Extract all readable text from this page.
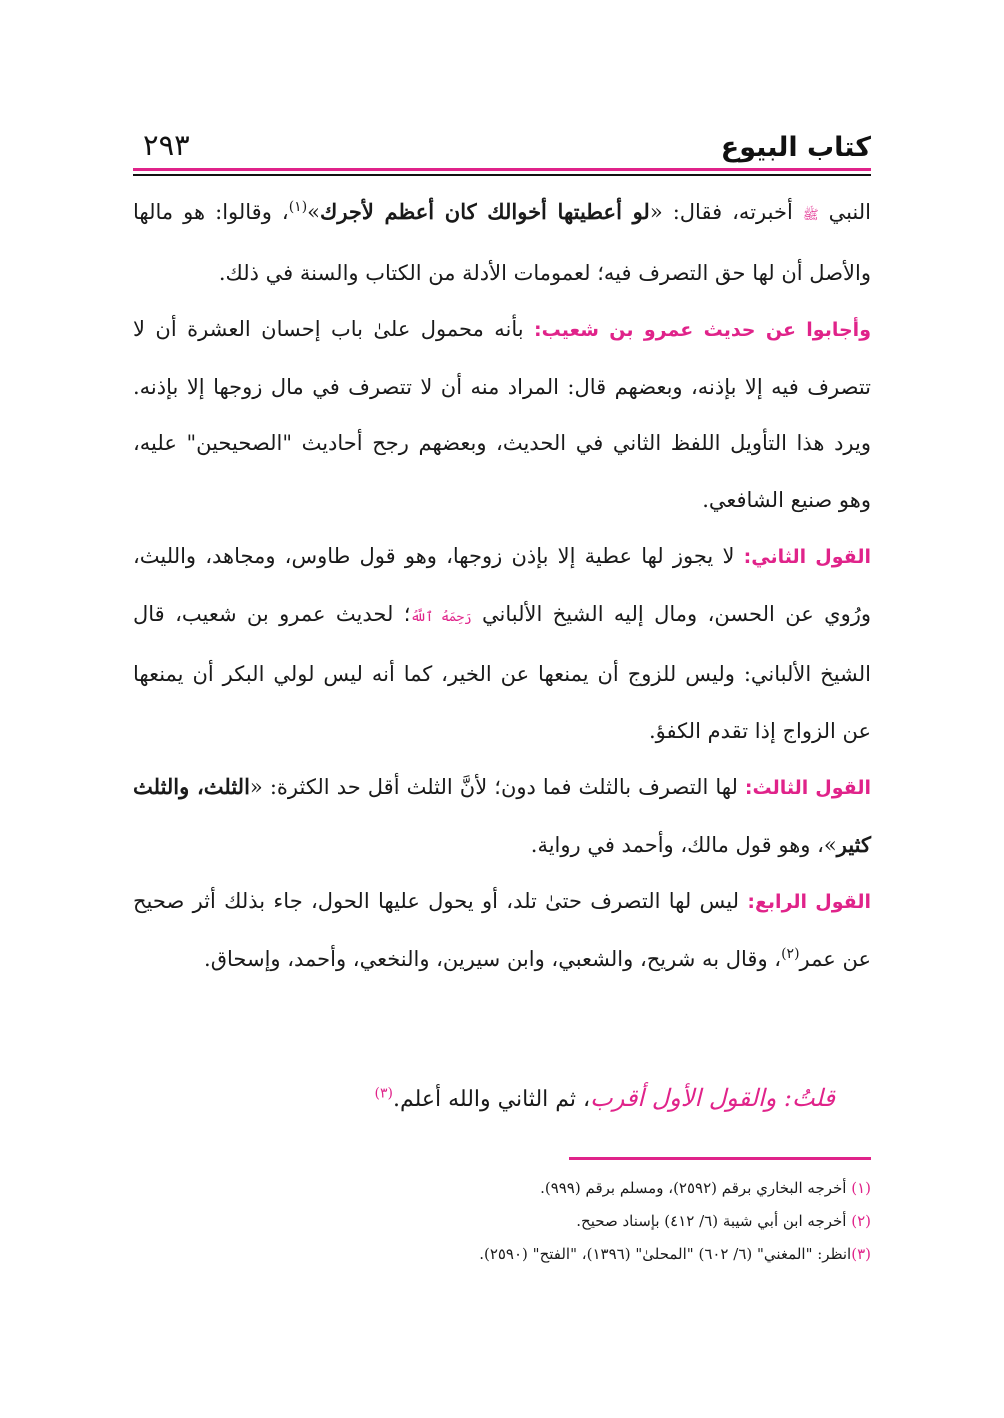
كتاب البيوع
٢٩٣

النبي ﷺ أخبرته، فقال: «لو أعطيتها أخوالك كان أعظم لأجرك»$^{(١)}$، وقالوا: هو مالها والأصل أن لها حق التصرف فيه؛ لعمومات الأدلة من الكتاب والسنة في ذلك.

وأجابوا عن حديث عمرو بن شعيب: بأنه محمول علىٰ باب إحسان العشرة أن لا تتصرف فيه إلا بإذنه، وبعضهم قال: المراد منه أن لا تتصرف في مال زوجها إلا بإذنه. ويرد هذا التأويل اللفظ الثاني في الحديث، وبعضهم رجح أحاديث "الصحيحين" عليه، وهو صنيع الشافعي.

القول الثاني: لا يجوز لها عطية إلا بإذن زوجها، وهو قول طاوس، ومجاهد، والليث، ورُوي عن الحسن، ومال إليه الشيخ الألباني رَحِمَهُ ٱللَّهُ؛ لحديث عمرو بن شعيب، قال الشيخ الألباني: وليس للزوج أن يمنعها عن الخير، كما أنه ليس لولي البكر أن يمنعها عن الزواج إذا تقدم الكفؤ.

القول الثالث: لها التصرف بالثلث فما دون؛ لأنَّ الثلث أقل حد الكثرة: «الثلث، والثلث كثير»، وهو قول مالك، وأحمد في رواية.

القول الرابع: ليس لها التصرف حتىٰ تلد، أو يحول عليها الحول، جاء بذلك أثر صحيح عن عمر$^{(٢)}$، وقال به شريح، والشعبي، وابن سيرين، والنخعي، وأحمد، وإسحاق.

قلتُ: والقول الأول أقرب، ثم الثاني والله أعلم.$^{(٣)}$
(١) أخرجه البخاري برقم (٢٥٩٢)، ومسلم برقم (٩٩٩).
(٢) أخرجه ابن أبي شيبة (٦/ ٤١٢) بإسناد صحيح.
(٣)انظر: "المغني" (٦/ ٦٠٢) "المحلىٰ" (١٣٩٦)، "الفتح" (٢٥٩٠).
